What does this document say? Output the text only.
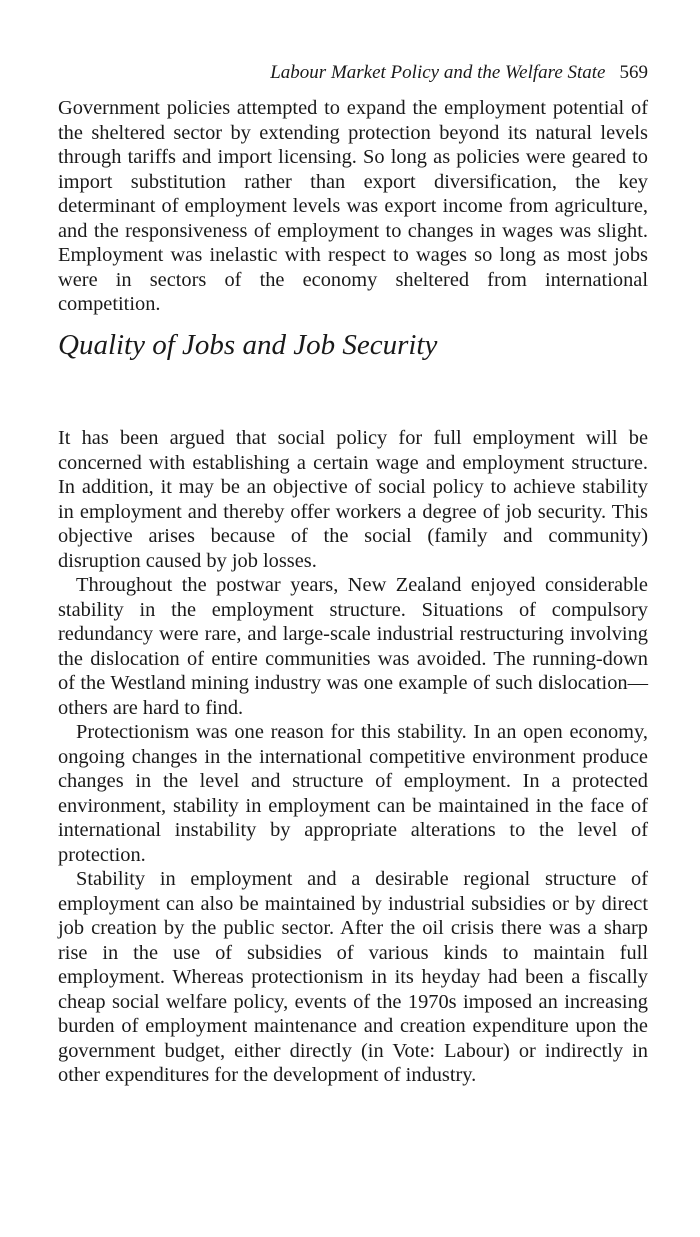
Labour Market Policy and the Welfare State 569

Government policies attempted to expand the employment potential of the sheltered sector by extending protection beyond its natural levels through tariffs and import licensing. So long as policies were geared to import substitution rather than export diversification, the key determinant of employment levels was export income from agriculture, and the responsiveness of employment to changes in wages was slight. Employment was inelastic with respect to wages so long as most jobs were in sectors of the economy sheltered from international competition.

Quality of Jobs and Job Security

It has been argued that social policy for full employment will be concerned with establishing a certain wage and employment structure. In addition, it may be an objective of social policy to achieve stability in employment and thereby offer workers a degree of job security. This objective arises because of the social (family and community) disruption caused by job losses.

Throughout the postwar years, New Zealand enjoyed considerable stability in the employment structure. Situations of compulsory redundancy were rare, and large-scale industrial restructuring involving the dislocation of entire communities was avoided. The running-down of the Westland mining industry was one example of such dislocation—others are hard to find.

Protectionism was one reason for this stability. In an open economy, ongoing changes in the international competitive environment produce changes in the level and structure of employment. In a protected environment, stability in employment can be maintained in the face of international instability by appropriate alterations to the level of protection.

Stability in employment and a desirable regional structure of employment can also be maintained by industrial subsidies or by direct job creation by the public sector. After the oil crisis there was a sharp rise in the use of subsidies of various kinds to maintain full employment. Whereas protectionism in its heyday had been a fiscally cheap social welfare policy, events of the 1970s imposed an increasing burden of employment maintenance and creation expenditure upon the government budget, either directly (in Vote: Labour) or indirectly in other expenditures for the development of industry.
